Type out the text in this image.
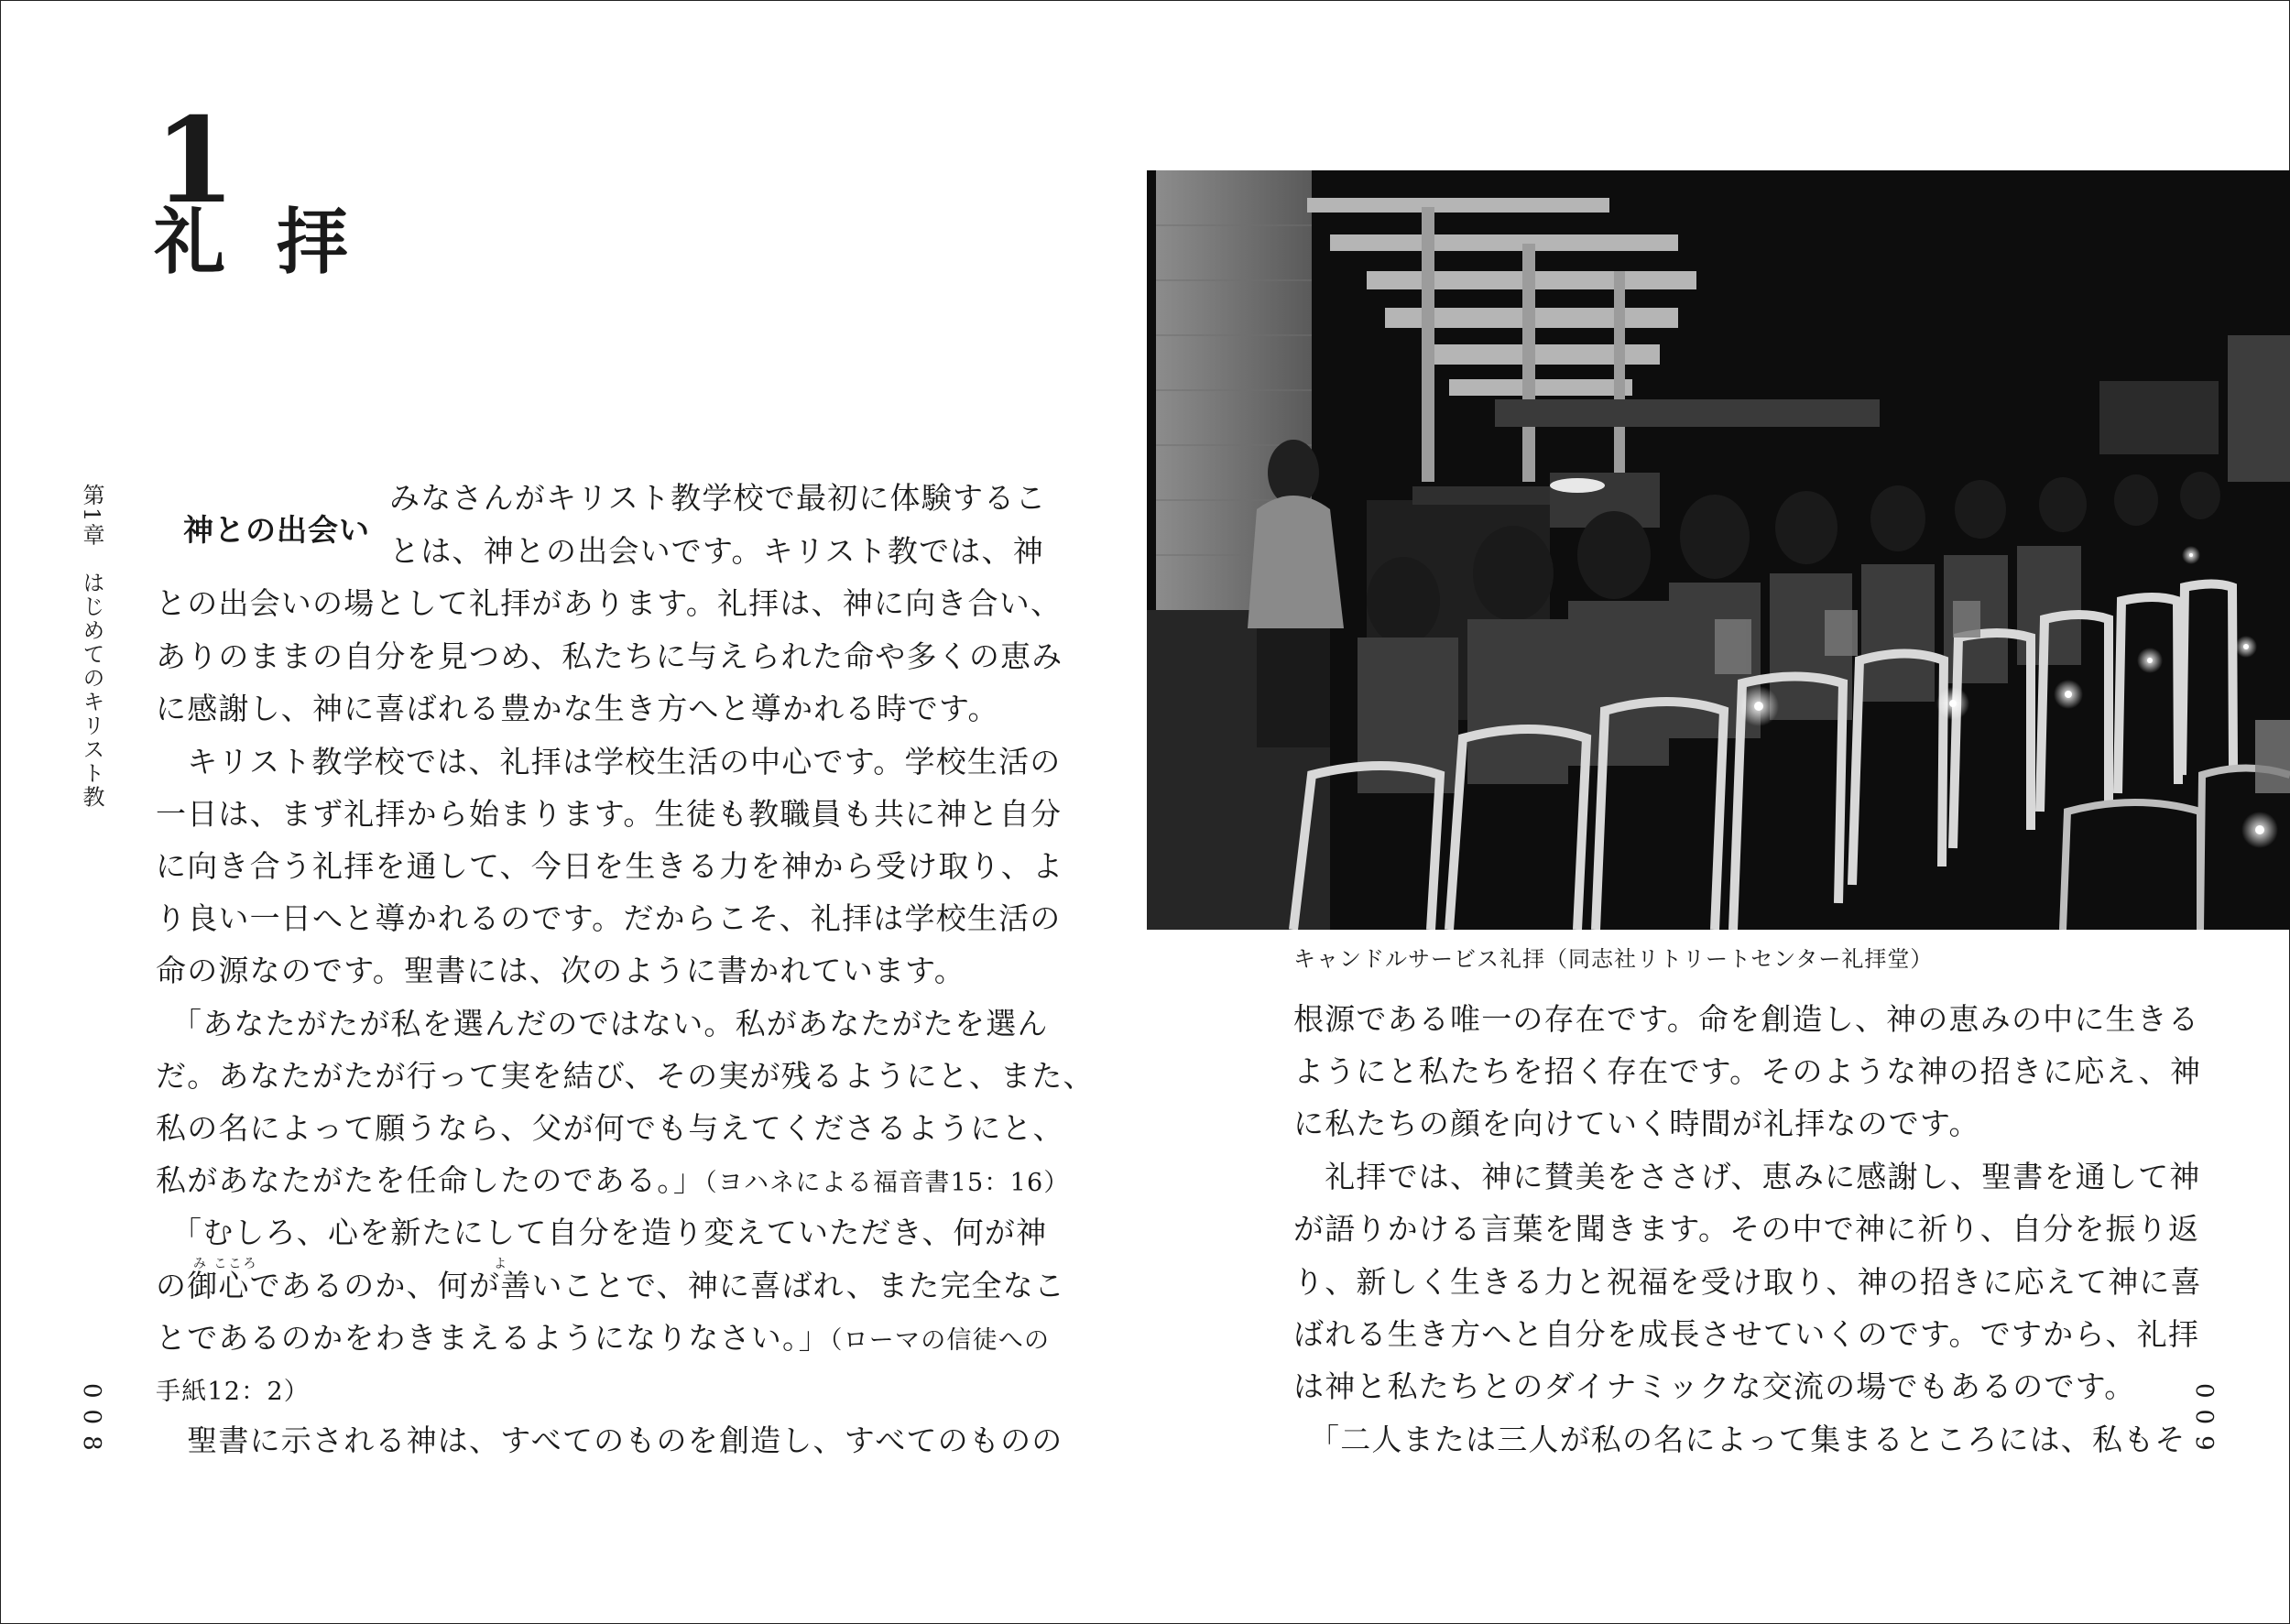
1
礼拝
第1章　はじめてのキリスト教
008	009
神との出会い
みなさんがキリスト教学校で最初に体験するこ
とは、神との出会いです。キリスト教では、神
との出会いの場として礼拝があります。礼拝は、神に向き合い、
ありのままの自分を見つめ、私たちに与えられた命や多くの恵み
に感謝し、神に喜ばれる豊かな生き方へと導かれる時です。
　キリスト教学校では、礼拝は学校生活の中心です。学校生活の
一日は、まず礼拝から始まります。生徒も教職員も共に神と自分
に向き合う礼拝を通して、今日を生きる力を神から受け取り、よ
り良い一日へと導かれるのです。だからこそ、礼拝は学校生活の
命の源なのです。聖書には、次のように書かれています。
「あなたがたが私を選んだのではない。私があなたがたを選ん
だ。あなたがたが行って実を結び、その実が残るようにと、また、
私の名によって願うなら、父が何でも与えてくださるようにと、
私があなたがたを任命したのである。」（ヨハネによる福音書15：16）
「むしろ、心を新たにして自分を造り変えていただき、何が神
み こころ	よ
の御心であるのか、何が善いことで、神に喜ばれ、また完全なこ
とであるのかをわきまえるようになりなさい。」（ローマの信徒への
手紙12：2）
　聖書に示される神は、すべてのものを創造し、すべてのものの
キャンドルサービス礼拝（同志社リトリートセンター礼拝堂）
根源である唯一の存在です。命を創造し、神の恵みの中に生きる
ようにと私たちを招く存在です。そのような神の招きに応え、神
に私たちの顔を向けていく時間が礼拝なのです。
　礼拝では、神に賛美をささげ、恵みに感謝し、聖書を通して神
が語りかける言葉を聞きます。その中で神に祈り、自分を振り返
り、新しく生きる力と祝福を受け取り、神の招きに応えて神に喜
ばれる生き方へと自分を成長させていくのです。ですから、礼拝
は神と私たちとのダイナミックな交流の場でもあるのです。
「二人または三人が私の名によって集まるところには、私もそ
